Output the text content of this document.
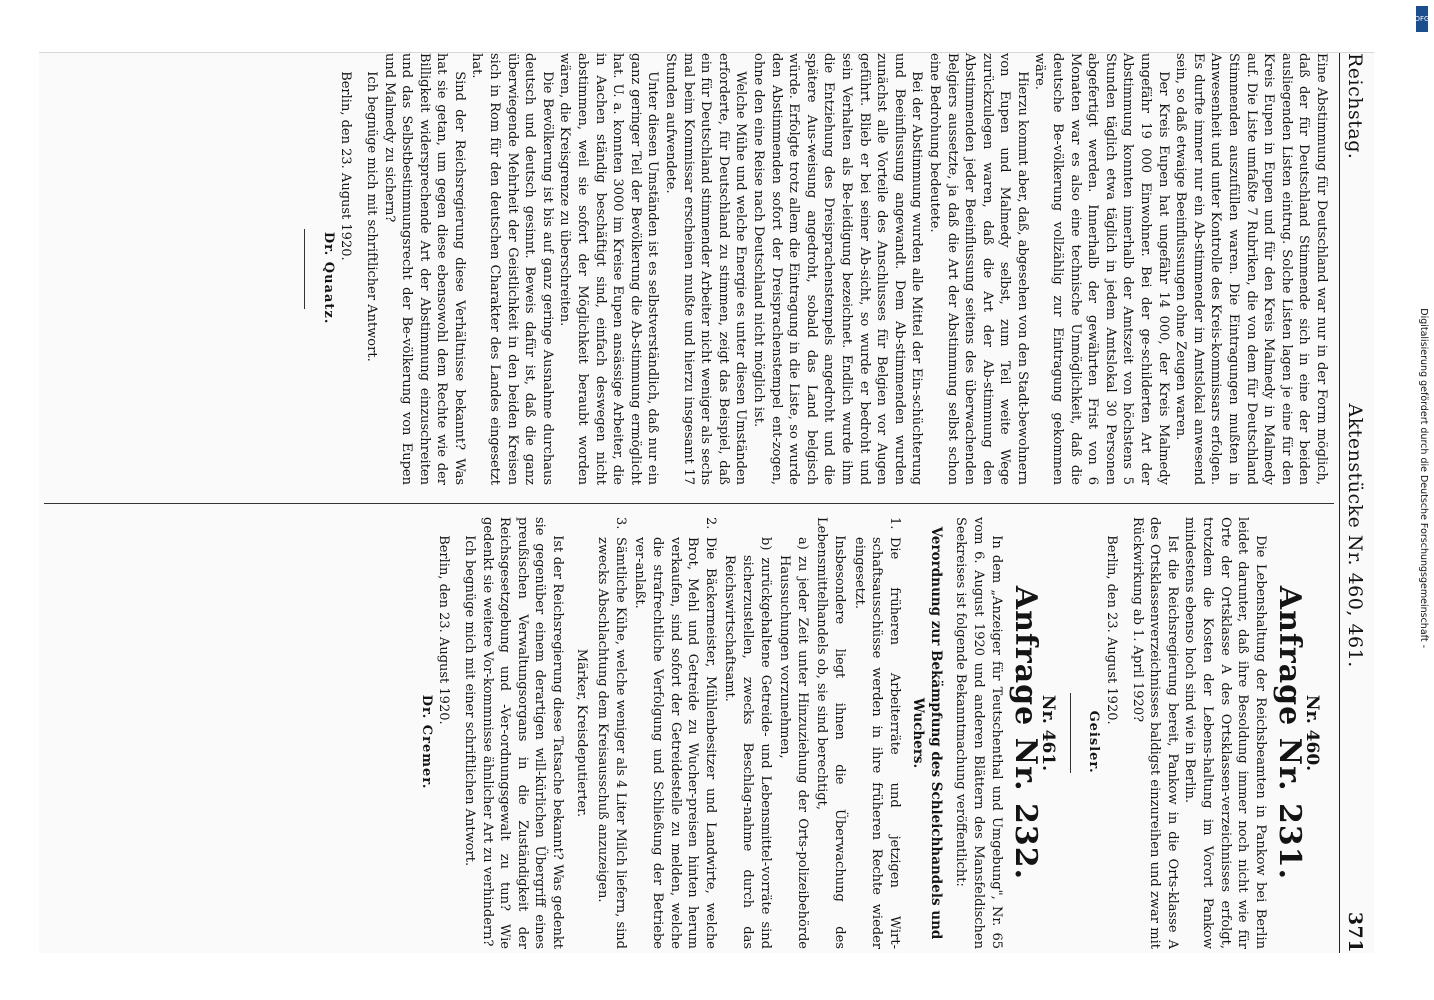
Reichstag.
Aktenstücke Nr. 460, 461.
371

Eine Abstimmung für Deutschland war nur in der Form möglich, daß der für Deutschland Stimmende sich in eine der beiden ausliegenden Listen eintrug. Solche Listen lagen je eine für den Kreis Eupen in Eupen und für den Kreis Malmedy in Malmedy auf. Die Liste umfaßte 7 Rubriken, die von dem für Deutschland Stimmenden auszufüllen waren. Die Eintragungen mußten in Anwesenheit und unter Kontrolle des Kreis-kommissars erfolgen. Es durfte immer nur ein Ab-stimmender im Amtslokal anwesend sein, so daß etwaige Beeinflussungen ohne Zeugen waren.

Der Kreis Eupen hat ungefähr 14 000, der Kreis Malmedy ungefähr 19 000 Einwohner. Bei der ge-schilderten Art der Abstimmung konnten innerhalb der Amtszeit von höchstens 5 Stunden täglich etwa täglich in jedem Amtslokal 30 Personen abgefertigt werden. Innerhalb der gewährten Frist von 6 Monaten war es also eine technische Unmöglichkeit, daß die deutsche Be-völkerung vollzählig zur Eintragung gekommen wäre.

Hierzu kommt aber, daß, abgesehen von den Stadt-bewohnern von Eupen und Malmedy selbst, zum Teil weite Wege zurückzulegen waren, daß die Art der Ab-stimmung den Abstimmenden jeder Beeinflussung seitens des überwachenden Belgiers aussetzte, ja daß die Art der Abstimmung selbst schon eine Bedrohung bedeutete.

Bei der Abstimmung wurden alle Mittel der Ein-schüchterung und Beeinflussung angewandt. Dem Ab-stimmenden wurden zunächst alle Vorteile des Anschlusses für Belgien vor Augen geführt. Blieb er bei seiner Ab-sicht, so wurde er bedroht und sein Verhalten als Be-leidigung bezeichnet. Endlich wurde ihm die Entziehung des Dreisprachenstempels angedroht und die spätere Aus-weisung angedroht, sobald das Land belgisch würde. Erfolgte trotz allem die Eintragung in die Liste, so wurde den Abstimmenden sofort der Dreisprachenstempel ent-zogen, ohne den eine Reise nach Deutschland nicht möglich ist.

Welche Mühe und welche Energie es unter diesen Umständen erforderte, für Deutschland zu stimmen, zeigt das Beispiel, daß ein für Deutschland stimmender Arbeiter nicht weniger als sechs mal beim Kommissar erscheinen mußte und hierzu insgesamt 17 Stunden aufwendete.

Unter diesen Umständen ist es selbstverständlich, daß nur ein ganz geringer Teil der Bevölkerung die Ab-stimmung ermöglicht hat. U. a. konnten 3000 im Kreise Eupen ansässige Arbeiter, die in Aachen ständig beschäftigt sind, einfach deswegen nicht abstimmen, weil sie sofort der Möglichkeit beraubt worden wären, die Kreisgrenze zu überschreiten.

Die Bevölkerung ist bis auf ganz geringe Ausnahme durchaus deutsch und deutsch gesinnt. Beweis dafür ist, daß die ganz überwiegende Mehrheit der Geistlichkeit in den beiden Kreisen sich in Rom für den deutschen Charakter des Landes eingesetzt hat.

Sind der Reichsregierung diese Verhältnisse bekannt? Was hat sie getan, um gegen diese ebensowohl dem Rechte wie der Billigkeit widersprechende Art der Abstimmung einzuschreiten und das Selbstbestimmungsrecht der Be-völkerung von Eupen und Malmedy zu sichern?

Ich begnüge mich mit schriftlicher Antwort.

Berlin, den 23. August 1920.

Dr. Quaatz.

Nr. 460.
Anfrage Nr. 231.

Die Lebenshaltung der Reichsbeamten in Pankow bei Berlin leidet darunter, daß ihre Besoldung immer noch nicht wie für Orte der Ortsklasse A des Ortsklassen-verzeichnisses erfolgt, trotzdem die Kosten der Lebens-haltung im Vorort Pankow mindestens ebenso hoch sind wie in Berlin.

Ist die Reichsregierung bereit, Pankow in die Orts-klasse A des Ortsklassenverzeichnisses baldigst einzureihen und zwar mit Rückwirkung ab 1. April 1920?

Berlin, den 23. August 1920.

Geisler.

Nr. 461.
Anfrage Nr. 232.

In dem „Anzeiger für Teutschenthal und Umgebung", Nr. 65 vom 6. August 1920 und anderen Blättern des Mansfeldischen Seekreises ist folgende Bekanntmachung veröffentlicht:

Verordnung zur Bekämpfung des Schleichhandels und Wuchers.

1.Die früheren Arbeiterräte und jetzigen Wirt-schaftsausschüsse werden in ihre früheren Rechte wieder eingesetzt.

Insbesondere liegt ihnen die Überwachung des Lebensmittelhandels ob, sie sind berechtigt,

a) zu jeder Zeit unter Hinzuziehung der Orts-polizeibehörde Haussuchungen vorzunehmen,

b) zurückgehaltene Getreide- und Lebensmittel-vorräte sind sicherzustellen, zwecks Beschlag-nahme durch das Reichswirtschaftsamt.

2.Die Bäckermeister, Mühlenbesitzer und Landwirte, welche Brot, Mehl und Getreide zu Wucher-preisen hinten herum verkaufen, sind sofort der Getreidestelle zu melden, welche die strafrechtliche Verfolgung und Schließung der Betriebe ver-anlaßt.

3.Sämtliche Kühe, welche weniger als 4 Liter Milch liefern, sind zwecks Abschlachtung dem Kreisausschuß anzuzeigen.

Märker, Kreisdeputierter.

Ist der Reichsregierung diese Tatsache bekannt? Was gedenkt sie gegenüber einem derartigen will-kürlichen Übergriff eines preußischen Verwaltungsorgans in die Zuständigkeit der Reichsgesetzgebung und -Ver-ordnungsgewalt zu tun? Wie gedenkt sie weitere Vor-kommnisse ähnlicher Art zu verhindern?

Ich begnüge mich mit einer schriftlichen Antwort.

Berlin, den 23. August 1920.

Dr. Cremer.

DFG
Digitalisierung gefördert durch die Deutsche Forschungsgemeinschaft -
